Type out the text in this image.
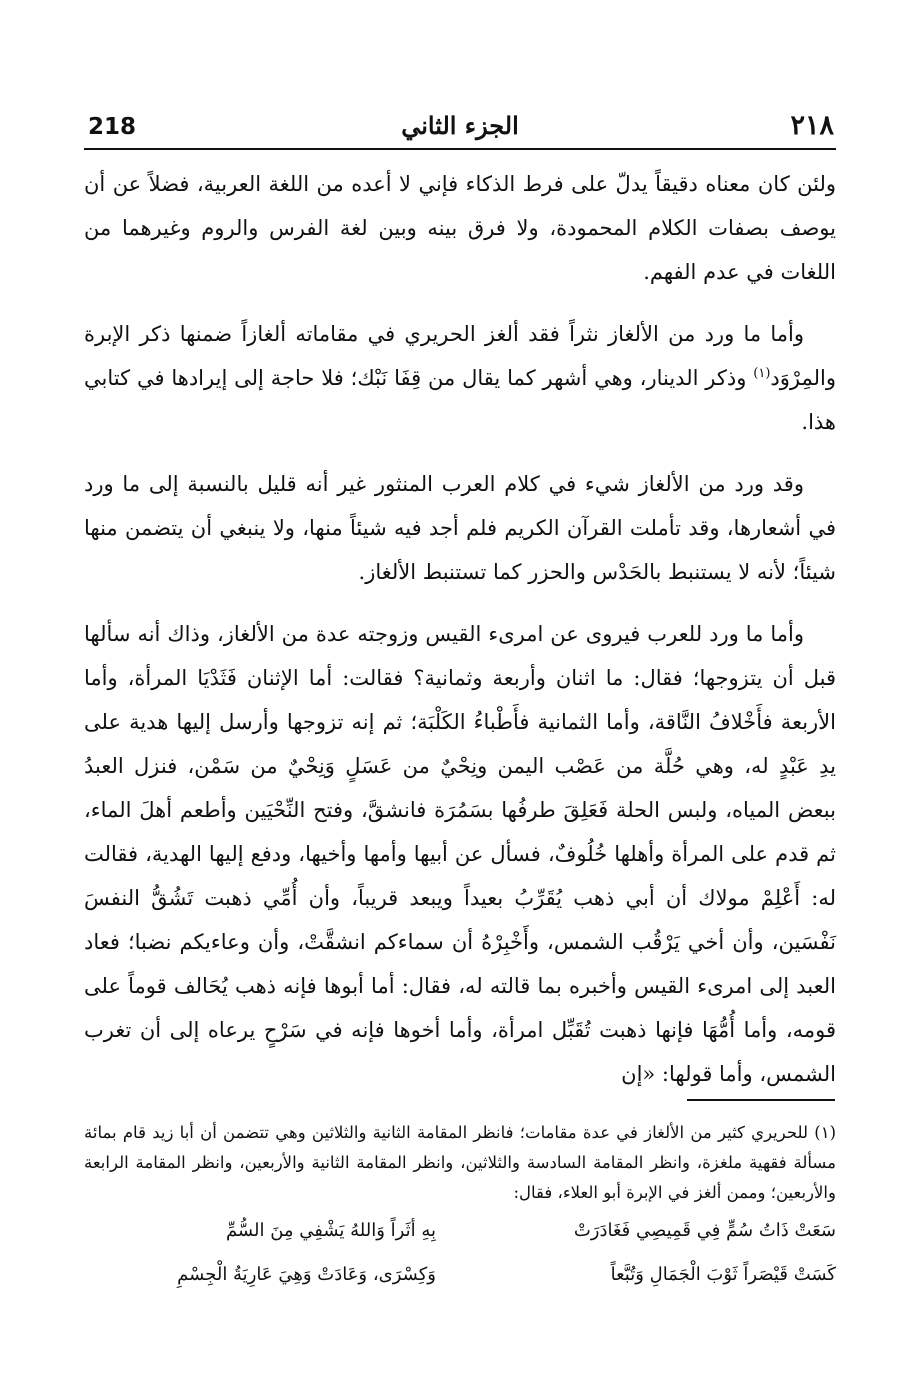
٢١٨
الجزء الثاني
218

ولئن كان معناه دقيقاً يدلّ على فرط الذكاء فإني لا أعده من اللغة العربية، فضلاً عن أن يوصف بصفات الكلام المحمودة، ولا فرق بينه وبين لغة الفرس والروم وغيرهما من اللغات في عدم الفهم.

وأما ما ورد من الألغاز نثراً فقد ألغز الحريري في مقاماته ألغازاً ضمنها ذكر الإبرة والمِرْوَد$^{(١)}$ وذكر الدينار، وهي أشهر كما يقال من قِفَا نَبْك؛ فلا حاجة إلى إيرادها في كتابي هذا.

وقد ورد من الألغاز شيء في كلام العرب المنثور غير أنه قليل بالنسبة إلى ما ورد في أشعارها، وقد تأملت القرآن الكريم فلم أجد فيه شيئاً منها، ولا ينبغي أن يتضمن منها شيئاً؛ لأنه لا يستنبط بالحَدْس والحزر كما تستنبط الألغاز.

وأما ما ورد للعرب فيروى عن امرىء القيس وزوجته عدة من الألغاز، وذاك أنه سألها قبل أن يتزوجها؛ فقال: ما اثنان وأربعة وثمانية؟ فقالت: أما الإثنان فَثَدْيَا المرأة، وأما الأربعة فأَخْلافُ النَّاقة، وأما الثمانية فأَطْباءُ الكَلْبَة؛ ثم إنه تزوجها وأرسل إليها هدية على يدِ عَبْدٍ له، وهي حُلَّة من عَصْب اليمن ونِحْيٌ من عَسَلٍ وَنِحْيٌ من سَمْن، فنزل العبدُ ببعض المياه، ولبس الحلة فَعَلِقَ طرفُها بسَمُرَة فانشقَّ، وفتح النِّحْيَين وأطعم أهلَ الماء، ثم قدم على المرأة وأهلها خُلُوفٌ، فسأل عن أبيها وأمها وأخيها، ودفع إليها الهدية، فقالت له: أَعْلِمْ مولاك أن أبي ذهب يُقَرِّبُ بعيداً ويبعد قريباً، وأن أُمِّي ذهبت تَشُقُّ النفسَ نَفْسَين، وأن أخي يَرْقُب الشمس، وأَخْبِرْهُ أن سماءكم انشقَّتْ، وأن وعاءيكم نضبا؛ فعاد العبد إلى امرىء القيس وأخبره بما قالته له، فقال: أما أبوها فإنه ذهب يُحَالف قوماً على قومه، وأما أُمُّهَا فإنها ذهبت تُقَبِّل امرأة، وأما أخوها فإنه في سَرْحٍ يرعاه إلى أن تغرب الشمس، وأما قولها: «إن

(١) للحريري كثير من الألغاز في عدة مقامات؛ فانظر المقامة الثانية والثلاثين وهي تتضمن أن أبا زيد قام بمائة مسألة فقهية ملغزة، وانظر المقامة السادسة والثلاثين، وانظر المقامة الثانية والأربعين، وانظر المقامة الرابعة والأربعين؛ وممن ألغز في الإبرة أبو العلاء، فقال:

سَعَتْ ذَاتُ سُمٍّ فِي قَمِيصِي فَغَادَرَتْ
بِهِ أثَراً وَاللهُ يَشْفِي مِنَ السُّمِّ
كَسَتْ قَيْصَراً ثَوْبَ الْجَمَالِ وَتُبَّعاً
وَكِسْرَى، وَعَادَتْ وَهِيَ عَارِيَةُ الْجِسْمِ
